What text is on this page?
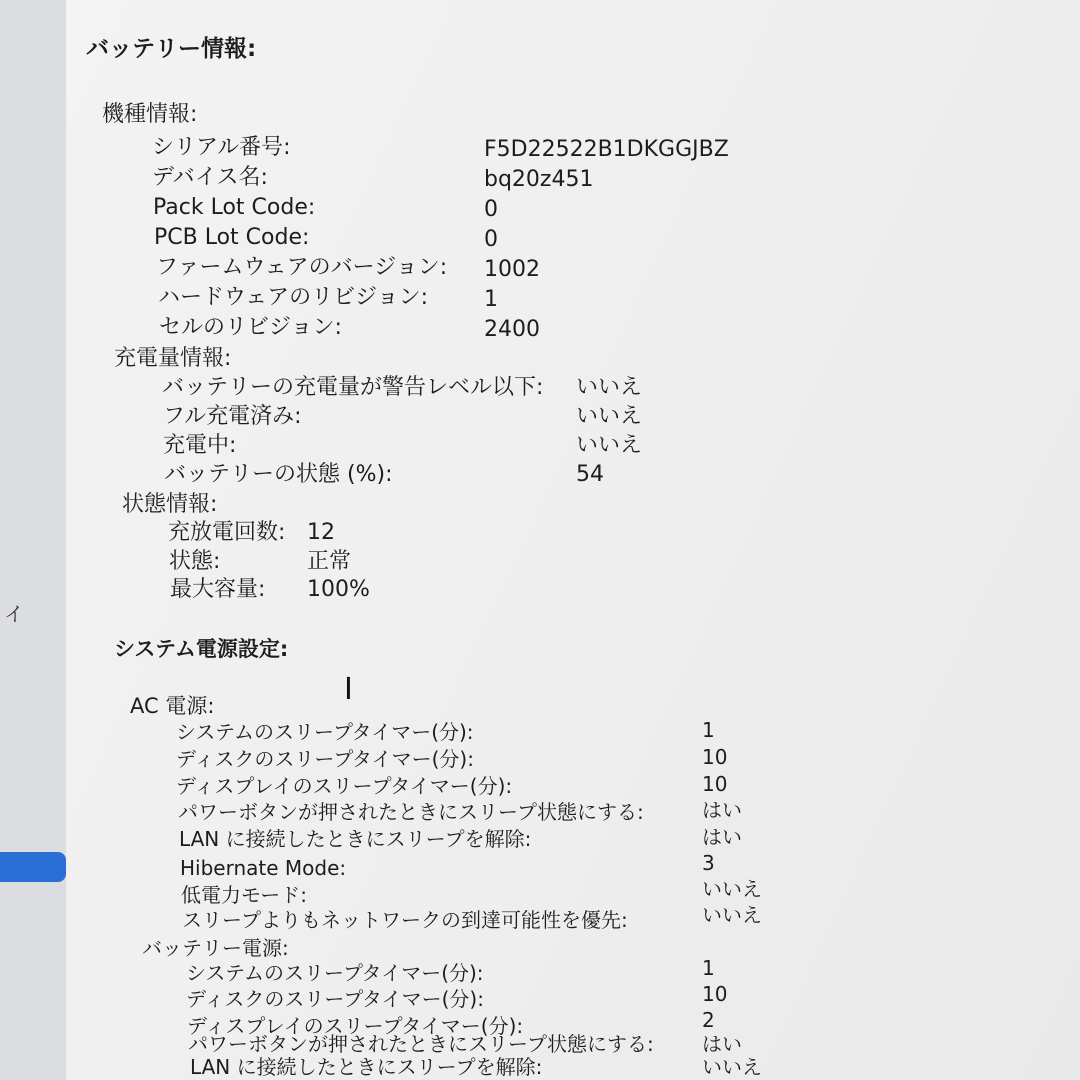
イ
バッテリー情報:
機種情報:
シリアル番号:	F5D22522B1DKGGJBZ
デバイス名:	bq20z451
Pack Lot Code:	0
PCB Lot Code:	0
ファームウェアのバージョン: 1002
ハードウェアのリビジョン:	1
セルのリビジョン:	2400
充電量情報:
バッテリーの充電量が警告レベル以下: いいえ
フル充電済み:	いいえ
充電中:	いいえ
バッテリーの状態 (%):	54
状態情報:
充放電回数: 12
状態:	正常
最大容量: 100%
システム電源設定:
I
AC 電源:
システムのスリープタイマー(分):	1
ディスクのスリープタイマー(分):	10
ディスプレイのスリープタイマー(分):	10
パワーボタンが押されたときにスリープ状態にする:	はい
LAN に接続したときにスリープを解除:	はい
Hibernate Mode:	3
低電力モード:	いいえ
スリープよりもネットワークの到達可能性を優先:	いいえ
バッテリー電源:
システムのスリープタイマー(分):	1
ディスクのスリープタイマー(分):	10
ディスプレイのスリープタイマー(分):	2
パワーボタンが押されたときにスリープ状態にする: はい
LAN に接続したときにスリープを解除:	いいえ
